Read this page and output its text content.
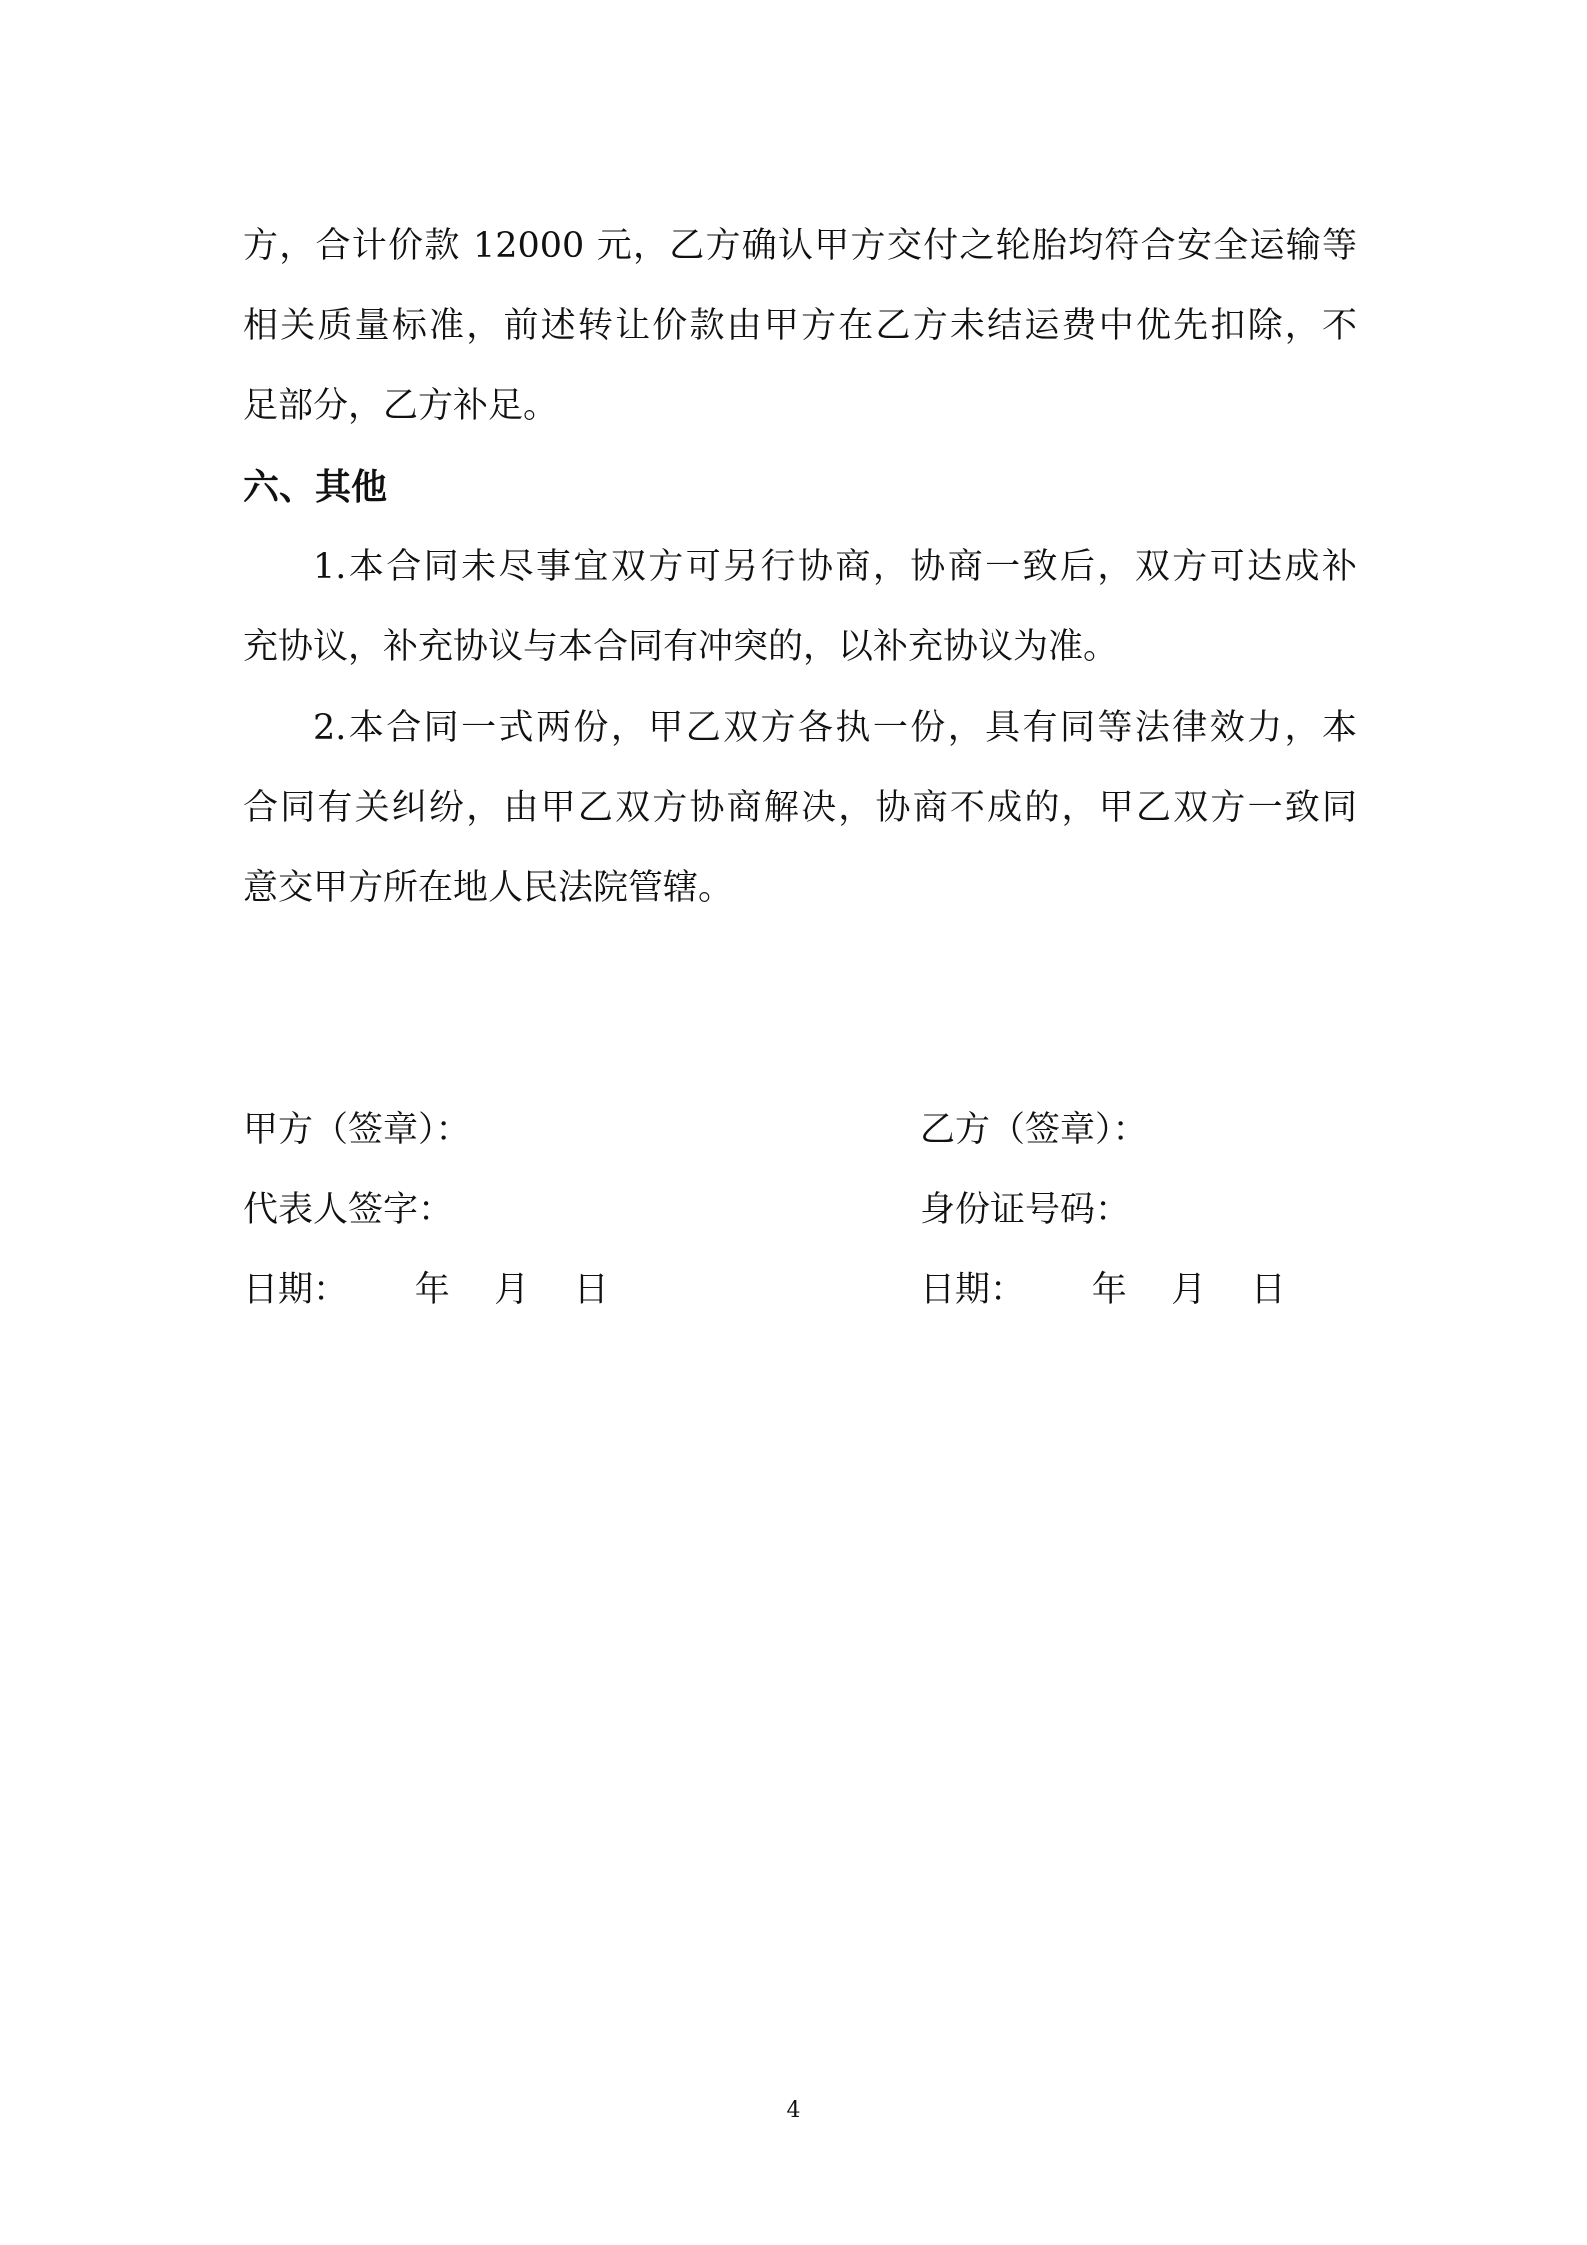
方，合计价款 12000 元，乙方确认甲方交付之轮胎均符合安全运输等
相关质量标准，前述转让价款由甲方在乙方未结运费中优先扣除，不
足部分，乙方补足。
六、其他
1.本合同未尽事宜双方可另行协商，协商一致后，双方可达成补
充协议，补充协议与本合同有冲突的，以补充协议为准。
2.本合同一式两份，甲乙双方各执一份，具有同等法律效力，本
合同有关纠纷，由甲乙双方协商解决，协商不成的，甲乙双方一致同
意交甲方所在地人民法院管辖。
甲方（签章）：
代表人签字：
日期：      年    月    日
乙方（签章）：
身份证号码：
日期：      年    月    日
4
